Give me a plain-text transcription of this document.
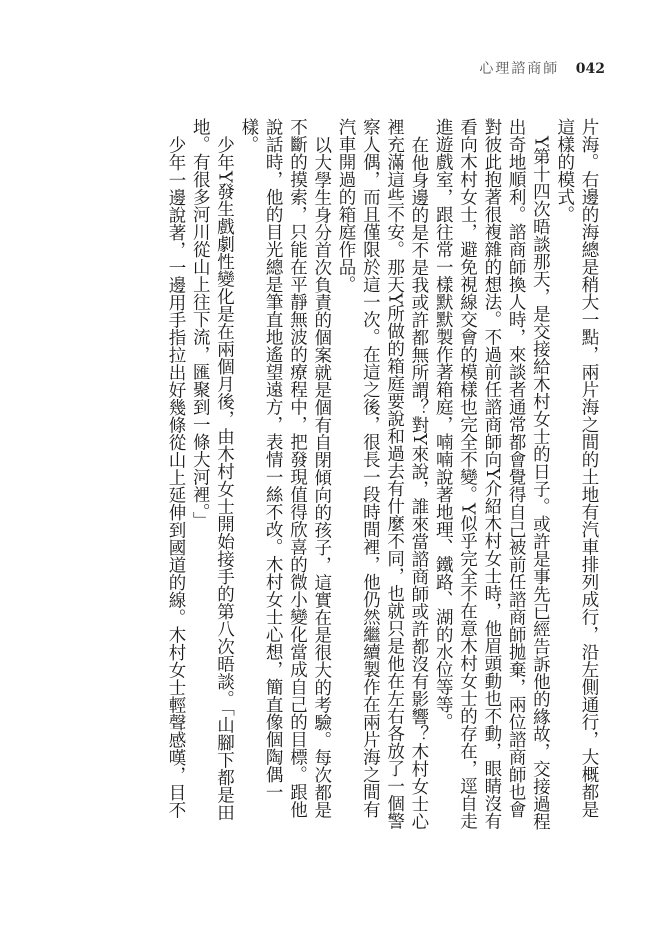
心理諮商師 042

片海。右邊的海總是稍大一點，兩片海之間的土地有汽車排列成行，沿左側通行，大概都是這樣的模式。

Y第十四次晤談那天，是交接給木村女士的日子。或許是事先已經告訴他的緣故，交接過程出奇地順利。諮商師換人時，來談者通常都會覺得自己被前任諮商師拋棄，兩位諮商師也會對彼此抱著很複雜的想法。不過前任諮商師向Y介紹木村女士時，他眉頭動也不動，眼睛沒有看向木村女士，避免視線交會的模樣也完全不變。Y似乎完全不在意木村女士的存在，逕自走進遊戲室，跟往常一樣默默製作著箱庭，喃喃說著地理、鐵路、湖的水位等等。

在他身邊的是不是我或許都無所謂？對Y來說，誰來當諮商師或許都沒有影響？木村女士心裡充滿這些不安。那天Y所做的箱庭要說和過去有什麼不同，也就只是他在左右各放了一個警察人偶，而且僅限於這一次。在這之後，很長一段時間裡，他仍然繼續製作在兩片海之間有汽車開過的箱庭作品。

以大學生身分首次負責的個案就是個有自閉傾向的孩子，這實在是很大的考驗。每次都是不斷的摸索，只能在平靜無波的療程中，把發現值得欣喜的微小變化當成自己的目標。跟他說話時，他的目光總是筆直地遙望遠方，表情一絲不改。木村女士心想，簡直像個陶偶一樣。

少年Y發生戲劇性變化是在兩個月後，由木村女士開始接手的第八次晤談。「山腳下都是田地。有很多河川從山上往下流，匯聚到一條大河裡。」

少年一邊說著，一邊用手指拉出好幾條從山上延伸到國道的線。木村女士輕聲感嘆，目不
